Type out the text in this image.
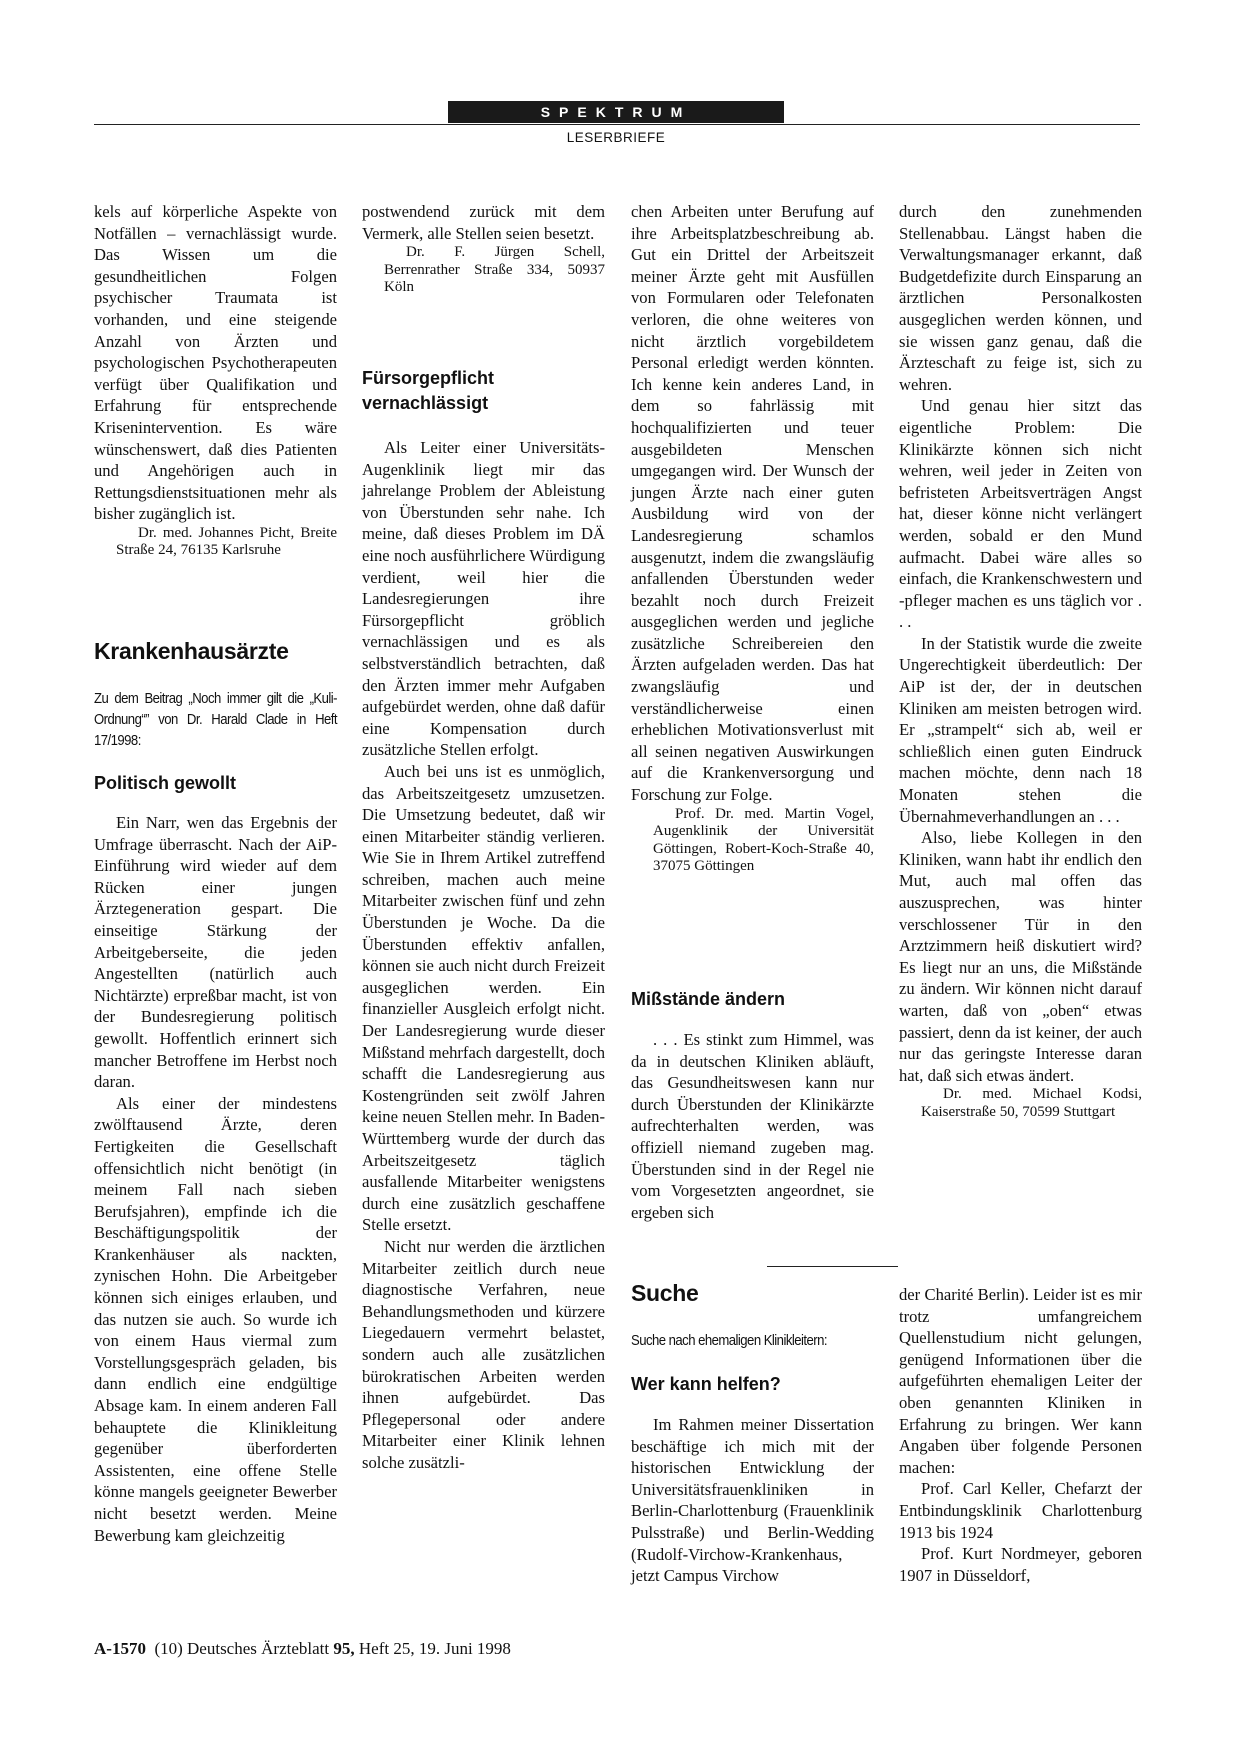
SPEKTRUM
LESERBRIEFE

kels auf körperliche Aspekte von Notfällen – vernachlässigt wurde. Das Wissen um die gesundheitlichen Folgen psychischer Traumata ist vorhanden, und eine steigende Anzahl von Ärzten und psychologischen Psychotherapeuten verfügt über Qualifikation und Erfahrung für entsprechende Krisenintervention. Es wäre wünschenswert, daß dies Patienten und Angehörigen auch in Rettungsdienstsituationen mehr als bisher zugänglich ist.

Dr. med. Johannes Picht, Breite Straße 24, 76135 Karlsruhe

Krankenhausärzte
Zu dem Beitrag „Noch immer gilt die „Kuli-Ordnung“” von Dr. Harald Clade in Heft 17/1998:
Politisch gewollt

Ein Narr, wen das Ergebnis der Umfrage überrascht. Nach der AiP-Einführung wird wieder auf dem Rücken einer jungen Ärztegeneration gespart. Die einseitige Stärkung der Arbeitgeberseite, die jeden Angestellten (natürlich auch Nichtärzte) erpreßbar macht, ist von der Bundesregierung politisch gewollt. Hoffentlich erinnert sich mancher Betroffene im Herbst noch daran.

Als einer der mindestens zwölftausend Ärzte, deren Fertigkeiten die Gesellschaft offensichtlich nicht benötigt (in meinem Fall nach sieben Berufsjahren), empfinde ich die Beschäftigungspolitik der Krankenhäuser als nackten, zynischen Hohn. Die Arbeitgeber können sich einiges erlauben, und das nutzen sie auch. So wurde ich von einem Haus viermal zum Vorstellungsgespräch geladen, bis dann endlich eine endgültige Absage kam. In einem anderen Fall behauptete die Klinikleitung gegenüber überforderten Assistenten, eine offene Stelle könne mangels geeigneter Bewerber nicht besetzt werden. Meine Bewerbung kam gleichzeitig

postwendend zurück mit dem Vermerk, alle Stellen seien besetzt.

Dr. F. Jürgen Schell, Berrenrather Straße 334, 50937 Köln

Fürsorgepflicht vernachlässigt

Als Leiter einer Universitäts-Augenklinik liegt mir das jahrelange Problem der Ableistung von Überstunden sehr nahe. Ich meine, daß dieses Problem im DÄ eine noch ausführlichere Würdigung verdient, weil hier die Landesregierungen ihre Fürsorgepflicht gröblich vernachlässigen und es als selbstverständlich betrachten, daß den Ärzten immer mehr Aufgaben aufgebürdet werden, ohne daß dafür eine Kompensation durch zusätzliche Stellen erfolgt.

Auch bei uns ist es unmöglich, das Arbeitszeitgesetz umzusetzen. Die Umsetzung bedeutet, daß wir einen Mitarbeiter ständig verlieren. Wie Sie in Ihrem Artikel zutreffend schreiben, machen auch meine Mitarbeiter zwischen fünf und zehn Überstunden je Woche. Da die Überstunden effektiv anfallen, können sie auch nicht durch Freizeit ausgeglichen werden. Ein finanzieller Ausgleich erfolgt nicht. Der Landesregierung wurde dieser Mißstand mehrfach dargestellt, doch schafft die Landesregierung aus Kostengründen seit zwölf Jahren keine neuen Stellen mehr. In Baden-Württemberg wurde der durch das Arbeitszeitgesetz täglich ausfallende Mitarbeiter wenigstens durch eine zusätzlich geschaffene Stelle ersetzt.

Nicht nur werden die ärztlichen Mitarbeiter zeitlich durch neue diagnostische Verfahren, neue Behandlungsmethoden und kürzere Liegedauern vermehrt belastet, sondern auch alle zusätzlichen bürokratischen Arbeiten werden ihnen aufgebürdet. Das Pflegepersonal oder andere Mitarbeiter einer Klinik lehnen solche zusätzli-

chen Arbeiten unter Berufung auf ihre Arbeitsplatzbeschreibung ab. Gut ein Drittel der Arbeitszeit meiner Ärzte geht mit Ausfüllen von Formularen oder Telefonaten verloren, die ohne weiteres von nicht ärztlich vorgebildetem Personal erledigt werden könnten. Ich kenne kein anderes Land, in dem so fahrlässig mit hochqualifizierten und teuer ausgebildeten Menschen umgegangen wird. Der Wunsch der jungen Ärzte nach einer guten Ausbildung wird von der Landesregierung schamlos ausgenutzt, indem die zwangsläufig anfallenden Überstunden weder bezahlt noch durch Freizeit ausgeglichen werden und jegliche zusätzliche Schreibereien den Ärzten aufgeladen werden. Das hat zwangsläufig und verständlicherweise einen erheblichen Motivationsverlust mit all seinen negativen Auswirkungen auf die Krankenversorgung und Forschung zur Folge.

Prof. Dr. med. Martin Vogel, Augenklinik der Universität Göttingen, Robert-Koch-Straße 40, 37075 Göttingen

Mißstände ändern

. . . Es stinkt zum Himmel, was da in deutschen Kliniken abläuft, das Gesundheitswesen kann nur durch Überstunden der Klinikärzte aufrechterhalten werden, was offiziell niemand zugeben mag. Überstunden sind in der Regel nie vom Vorgesetzten angeordnet, sie ergeben sich

Suche
Suche nach ehemaligen Klinikleitern:
Wer kann helfen?

Im Rahmen meiner Dissertation beschäftige ich mich mit der historischen Entwicklung der Universitätsfrauenkliniken in Berlin-Charlottenburg (Frauenklinik Pulsstraße) und Berlin-Wedding (Rudolf-Virchow-Krankenhaus, jetzt Campus Virchow

durch den zunehmenden Stellenabbau. Längst haben die Verwaltungsmanager erkannt, daß Budgetdefizite durch Einsparung an ärztlichen Personalkosten ausgeglichen werden können, und sie wissen ganz genau, daß die Ärzteschaft zu feige ist, sich zu wehren.

Und genau hier sitzt das eigentliche Problem: Die Klinikärzte können sich nicht wehren, weil jeder in Zeiten von befristeten Arbeitsverträgen Angst hat, dieser könne nicht verlängert werden, sobald er den Mund aufmacht. Dabei wäre alles so einfach, die Krankenschwestern und -pfleger machen es uns täglich vor . . .

In der Statistik wurde die zweite Ungerechtigkeit überdeutlich: Der AiP ist der, der in deutschen Kliniken am meisten betrogen wird. Er „strampelt“ sich ab, weil er schließlich einen guten Eindruck machen möchte, denn nach 18 Monaten stehen die Übernahmeverhandlungen an . . .

Also, liebe Kollegen in den Kliniken, wann habt ihr endlich den Mut, auch mal offen das auszusprechen, was hinter verschlossener Tür in den Arztzimmern heiß diskutiert wird? Es liegt nur an uns, die Mißstände zu ändern. Wir können nicht darauf warten, daß von „oben“ etwas passiert, denn da ist keiner, der auch nur das geringste Interesse daran hat, daß sich etwas ändert.

Dr. med. Michael Kodsi, Kaiserstraße 50, 70599 Stuttgart

der Charité Berlin). Leider ist es mir trotz umfangreichem Quellenstudium nicht gelungen, genügend Informationen über die aufgeführten ehemaligen Leiter der oben genannten Kliniken in Erfahrung zu bringen. Wer kann Angaben über folgende Personen machen:

Prof. Carl Keller, Chefarzt der Entbindungsklinik Charlottenburg 1913 bis 1924

Prof. Kurt Nordmeyer, geboren 1907 in Düsseldorf,

A-1570 (10) Deutsches Ärzteblatt 95, Heft 25, 19. Juni 1998
